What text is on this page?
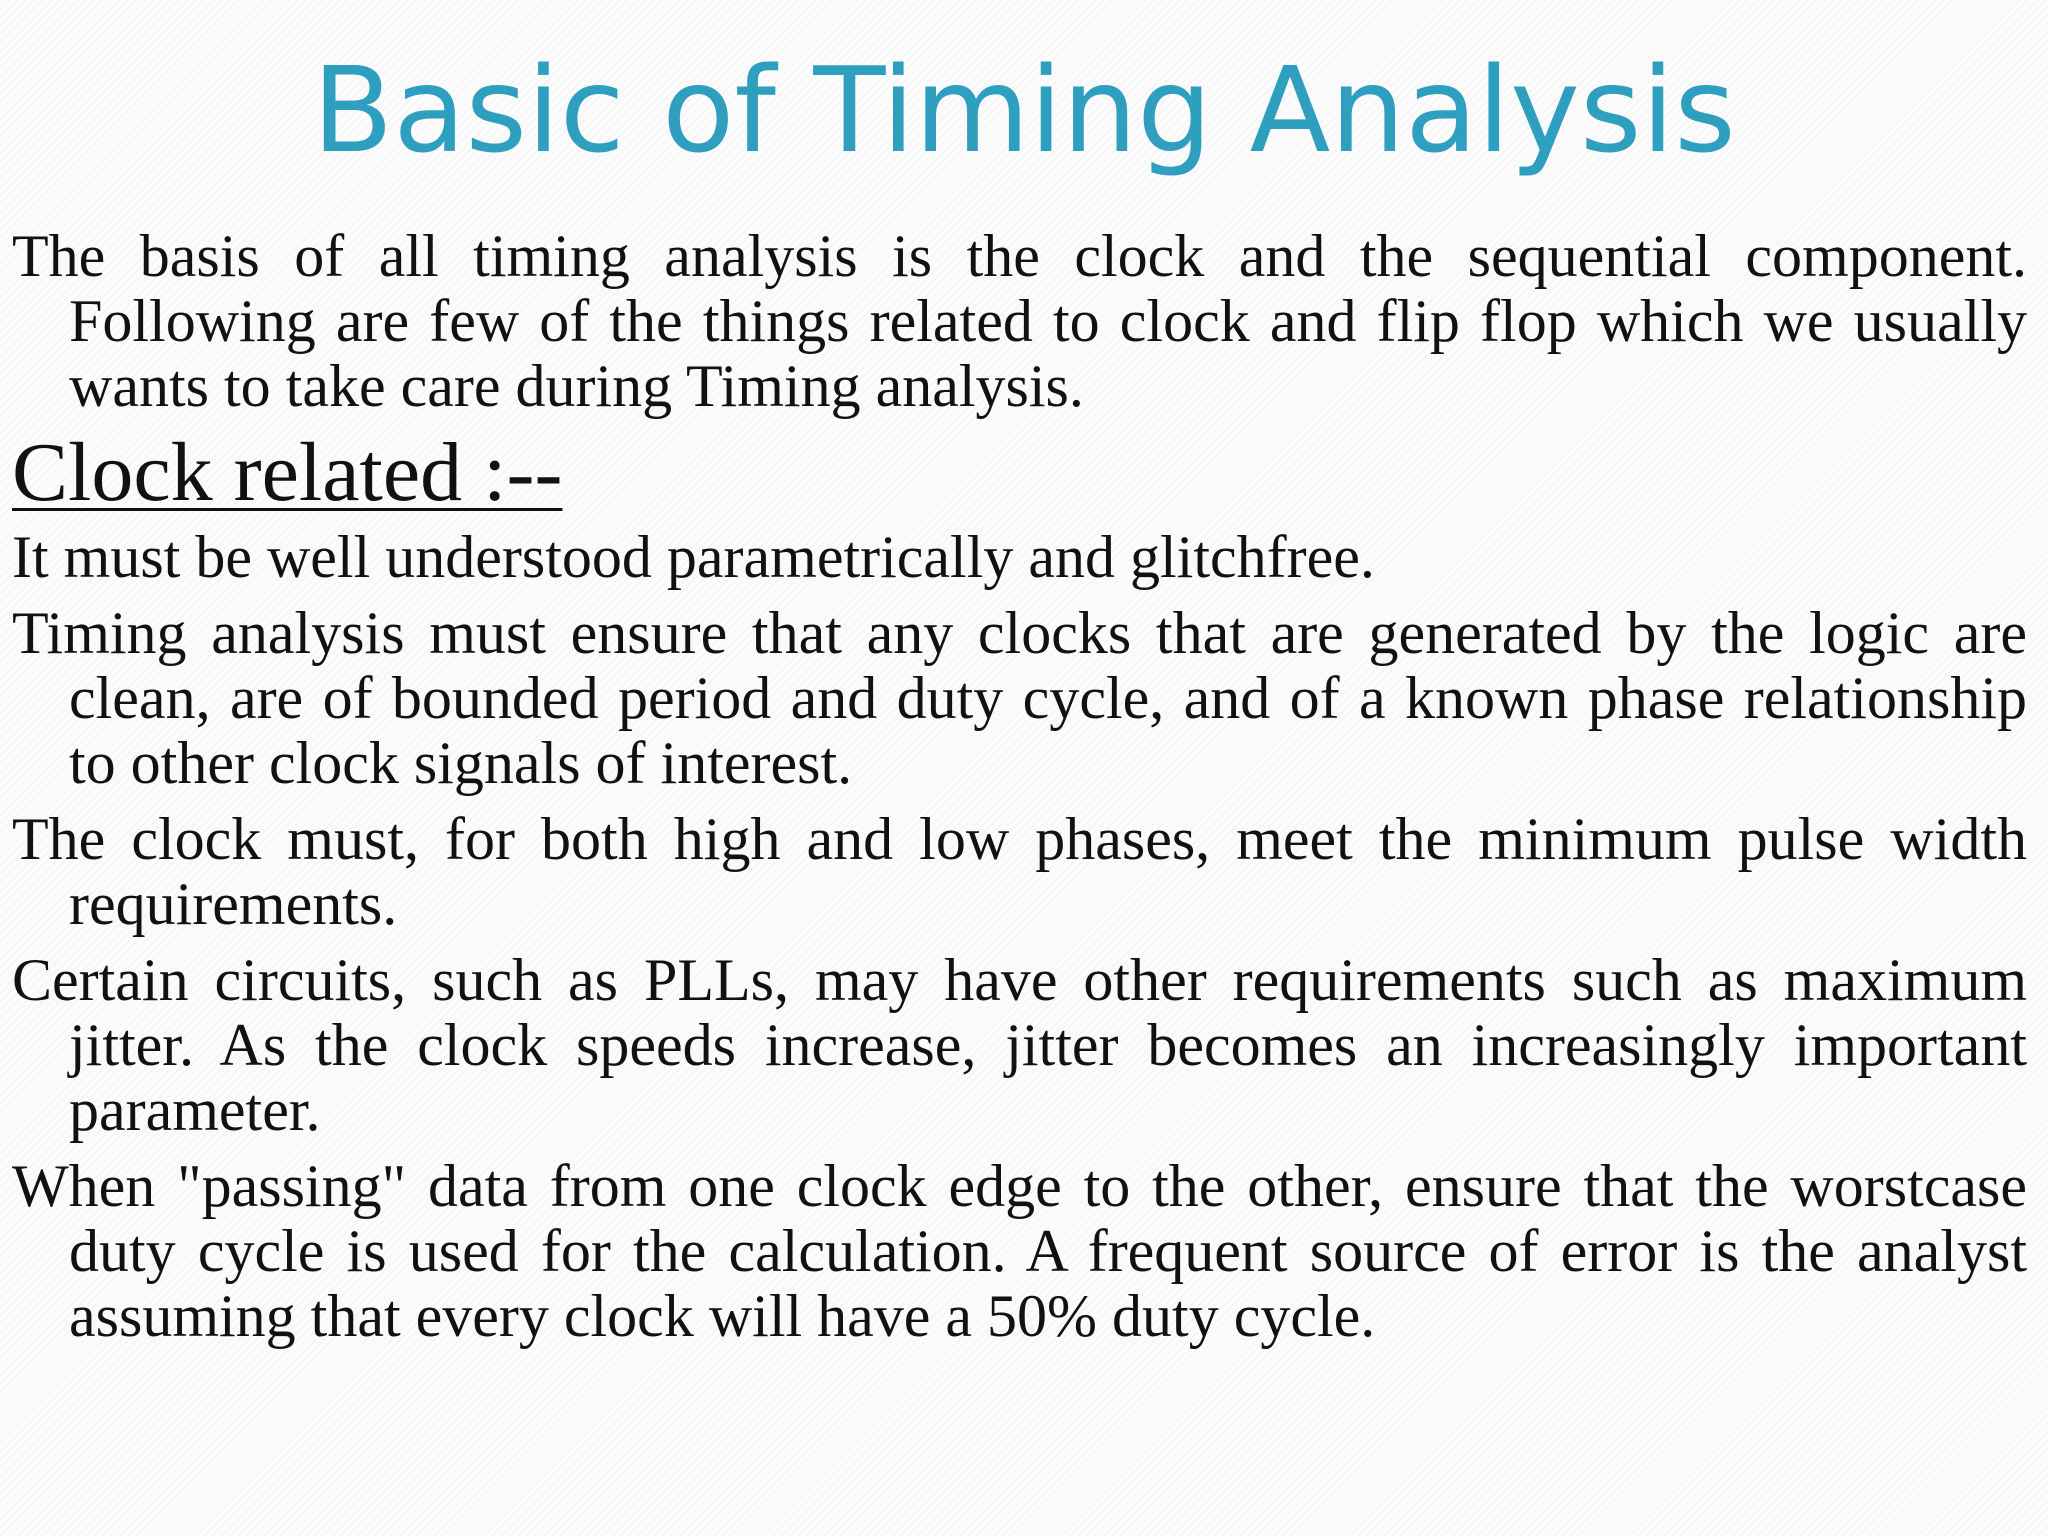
Basic of Timing Analysis

The basis of all timing analysis is the clock and the sequential component. Following are few of the things related to clock and flip flop which we usually wants to take care during Timing analysis.

Clock related :--

It must be well understood parametrically and glitchfree.

Timing analysis must ensure that any clocks that are generated by the logic are clean, are of bounded period and duty cycle, and of a known phase relationship to other clock signals of interest.

The clock must, for both high and low phases, meet the minimum pulse width requirements.

Certain circuits, such as PLLs, may have other requirements such as maximum jitter. As the clock speeds increase, jitter becomes an increasingly important parameter.

When "passing" data from one clock edge to the other, ensure that the worstcase duty cycle is used for the calculation. A frequent source of error is the analyst assuming that every clock will have a 50% duty cycle.
